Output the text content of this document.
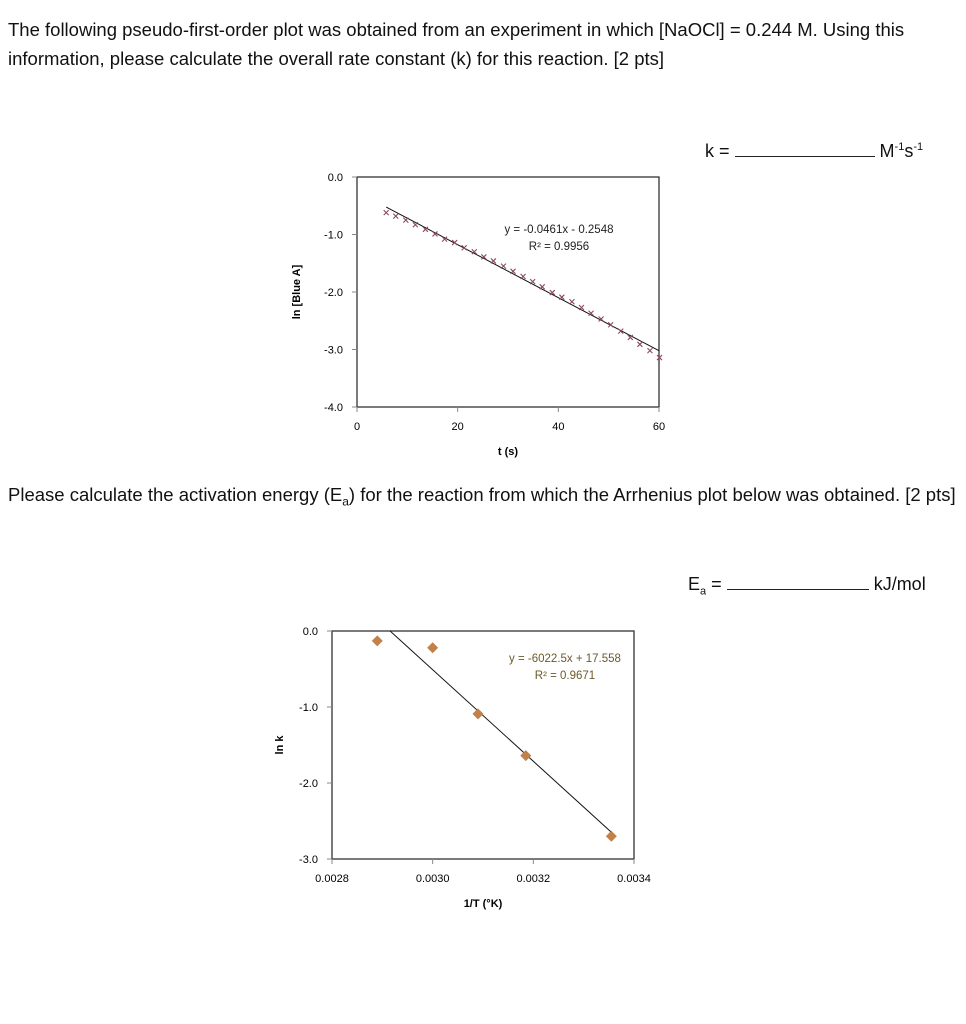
The following pseudo-first-order plot was obtained from an experiment in which [NaOCl] = 0.244 M. Using this information, please calculate the overall rate constant (k) for this reaction. [2 pts]
k =	$M^{-1}s^{-1}$
Please calculate the activation energy $(E_a)$ for the reaction from which the Arrhenius plot below was obtained. [2 pts]
$E_a$ =	kJ/mol
0.0
-1.0
-2.0
-3.0
-4.0
0	20	40	60
t (s)
ln [Blue A]
y = -0.0461x - 0.2548
R² = 0.9956
0.0
-1.0
-2.0
-3.0
0.0028	0.0030	0.0032	0.0034
1/T (°K)
ln k
y = -6022.5x + 17.558
R² = 0.9671
